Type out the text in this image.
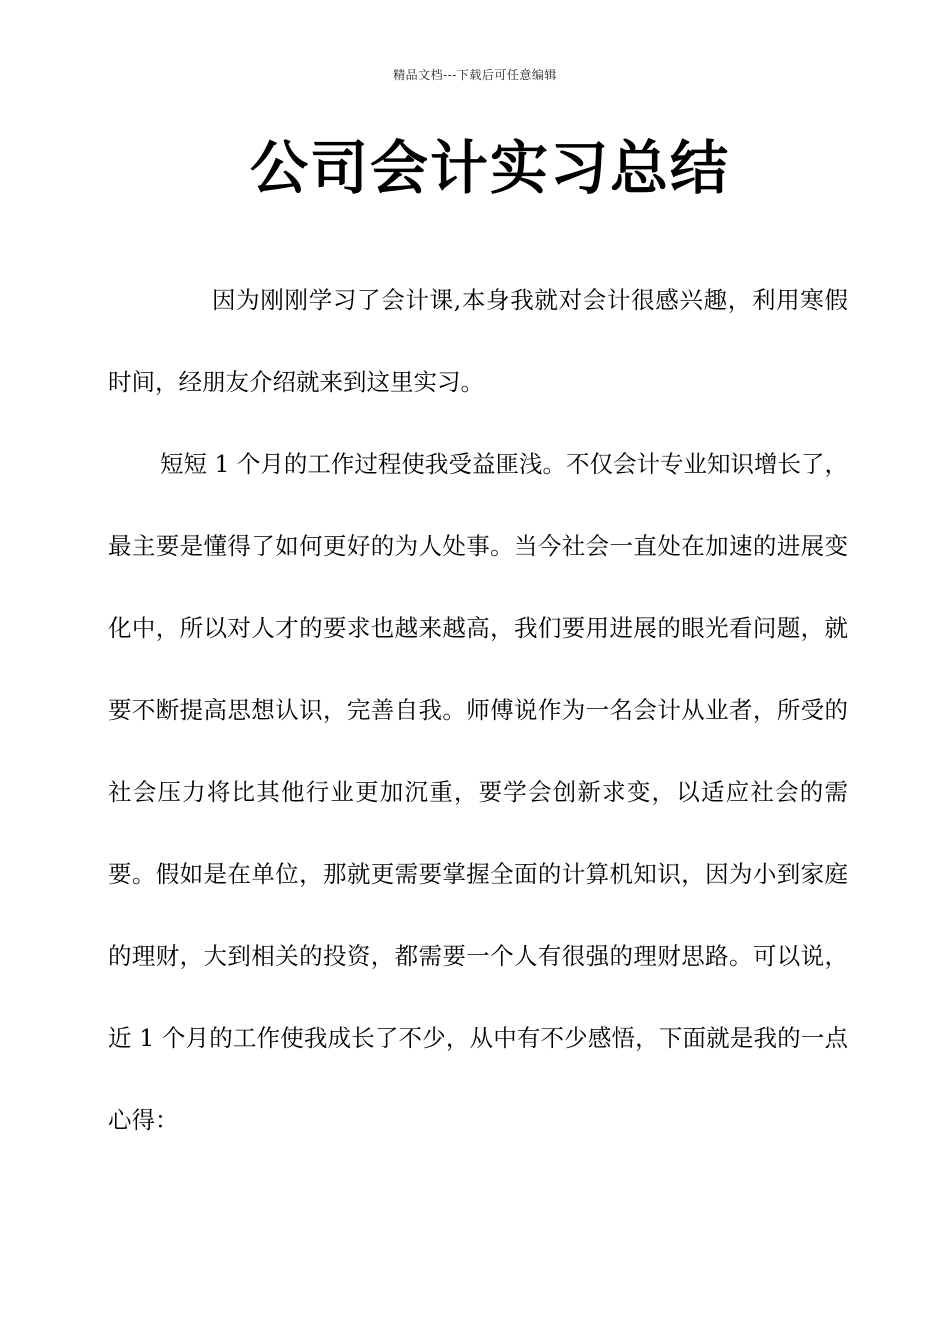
精品文档---下载后可任意编辑
公司会计实习总结

因为刚刚学习了会计课,本身我就对会计很感兴趣，利用寒假时间，经朋友介绍就来到这里实习。

短短 1 个月的工作过程使我受益匪浅。不仅会计专业知识增长了，最主要是懂得了如何更好的为人处事。当今社会一直处在加速的进展变化中，所以对人才的要求也越来越高，我们要用进展的眼光看问题，就要不断提高思想认识，完善自我。师傅说作为一名会计从业者，所受的社会压力将比其他行业更加沉重，要学会创新求变，以适应社会的需要。假如是在单位，那就更需要掌握全面的计算机知识，因为小到家庭的理财，大到相关的投资，都需要一个人有很强的理财思路。可以说，近 1 个月的工作使我成长了不少，从中有不少感悟，下面就是我的一点心得：
